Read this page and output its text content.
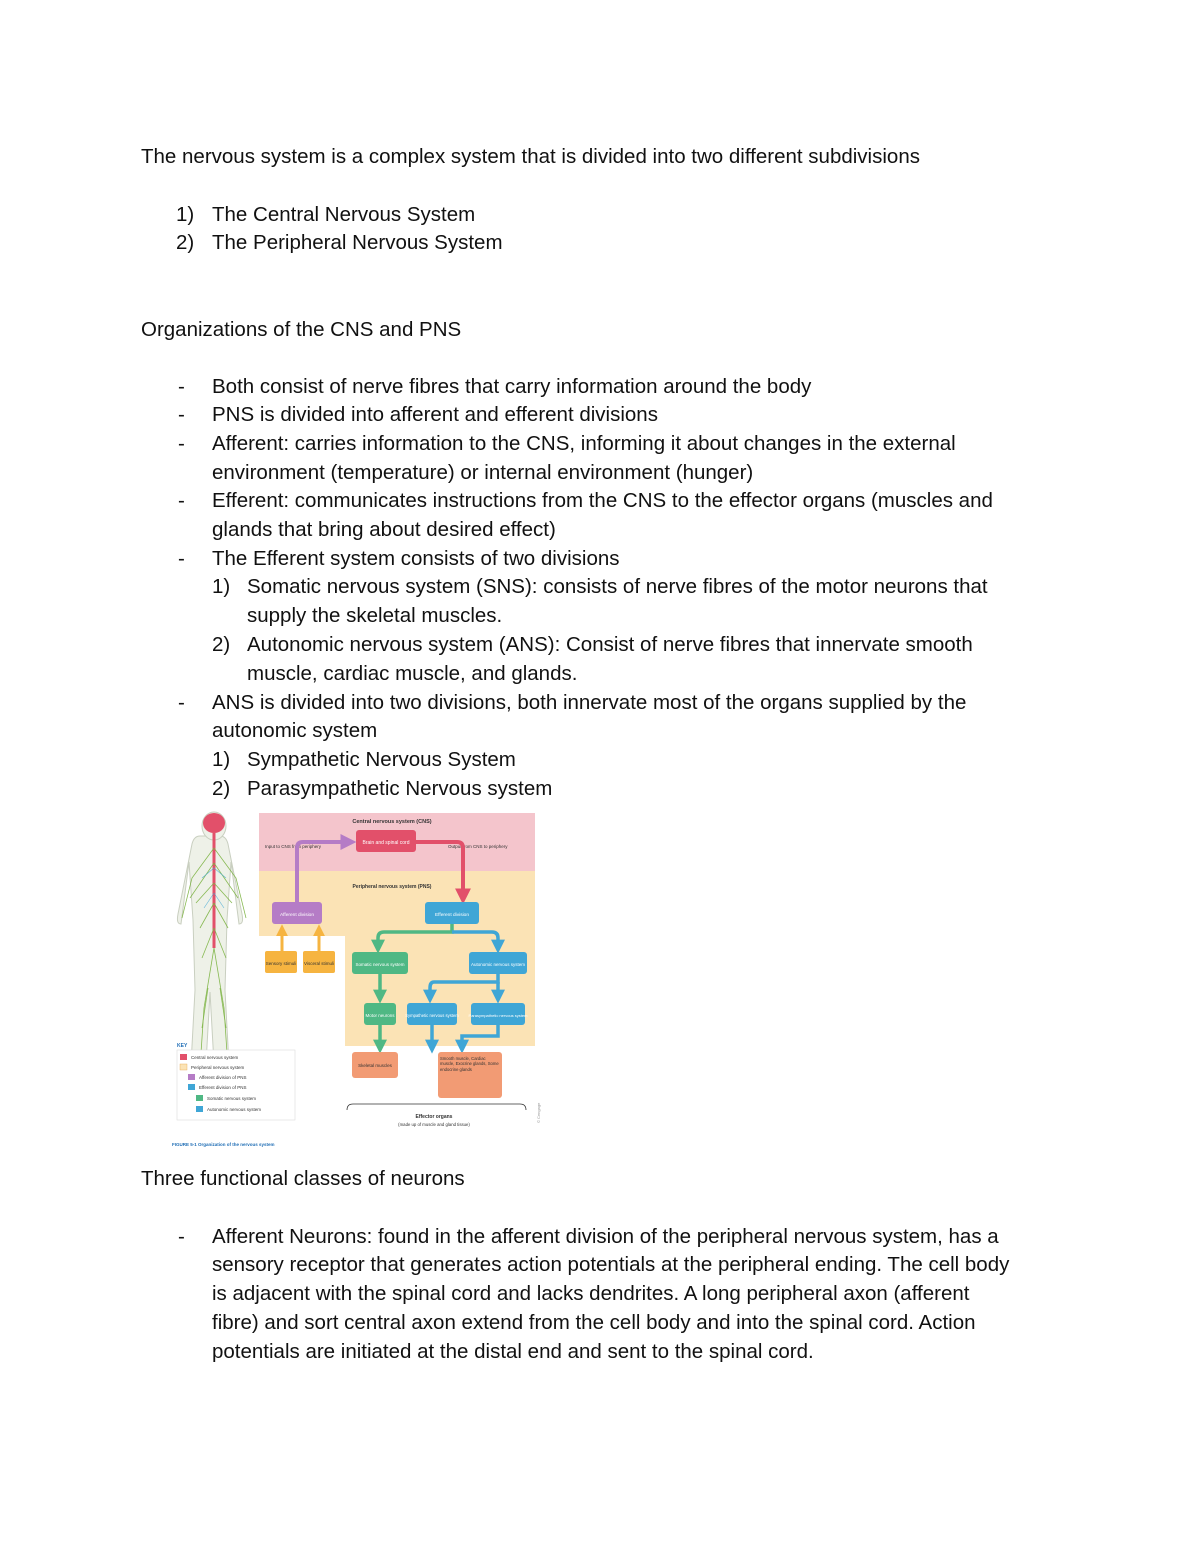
The nervous system is a complex system that is divided into two different subdivisions
1) The Central Nervous System
2) The Peripheral Nervous System
Organizations of the CNS and PNS
- Both consist of nerve fibres that carry information around the body
- PNS is divided into afferent and efferent divisions
- Afferent: carries information to the CNS, informing it about changes in the external
environment (temperature) or internal environment (hunger)
- Efferent: communicates instructions from the CNS to the effector organs (muscles and
glands that bring about desired effect)
- The Efferent system consists of two divisions
1) Somatic nervous system (SNS): consists of nerve fibres of the motor neurons that
supply the skeletal muscles.
2) Autonomic nervous system (ANS): Consist of nerve fibres that innervate smooth
muscle, cardiac muscle, and glands.
- ANS is divided into two divisions, both innervate most of the organs supplied by the
autonomic system
1) Sympathetic Nervous System
2) Parasympathetic Nervous system
Central nervous system (CNS)
Brain and spinal cord
Input to CNS from periphery	Output from CNS to periphery
Peripheral nervous system (PNS)
Afferent division	Efferent division
Sensory stimuli Visceral stimuli	Somatic nervous system	Autonomic nervous system
Motor neurons	Sympathetic nervous system Parasympathetic nervous system
Skeletal muscles
Smooth muscle, Cardiac muscle, Exocrine glands, Some endocrine glands
Effector organs
(made up of muscle and gland tissue)
© Cengage
KEY
Central nervous system
Peripheral nervous system
Afferent division of PNS
Efferent division of PNS
Somatic nervous system
Autonomic nervous system
FIGURE 5-1 Organization of the nervous system
Three functional classes of neurons
- Afferent Neurons: found in the afferent division of the peripheral nervous system, has a
sensory receptor that generates action potentials at the peripheral ending. The cell body
is adjacent with the spinal cord and lacks dendrites. A long peripheral axon (afferent
fibre) and sort central axon extend from the cell body and into the spinal cord. Action
potentials are initiated at the distal end and sent to the spinal cord.
